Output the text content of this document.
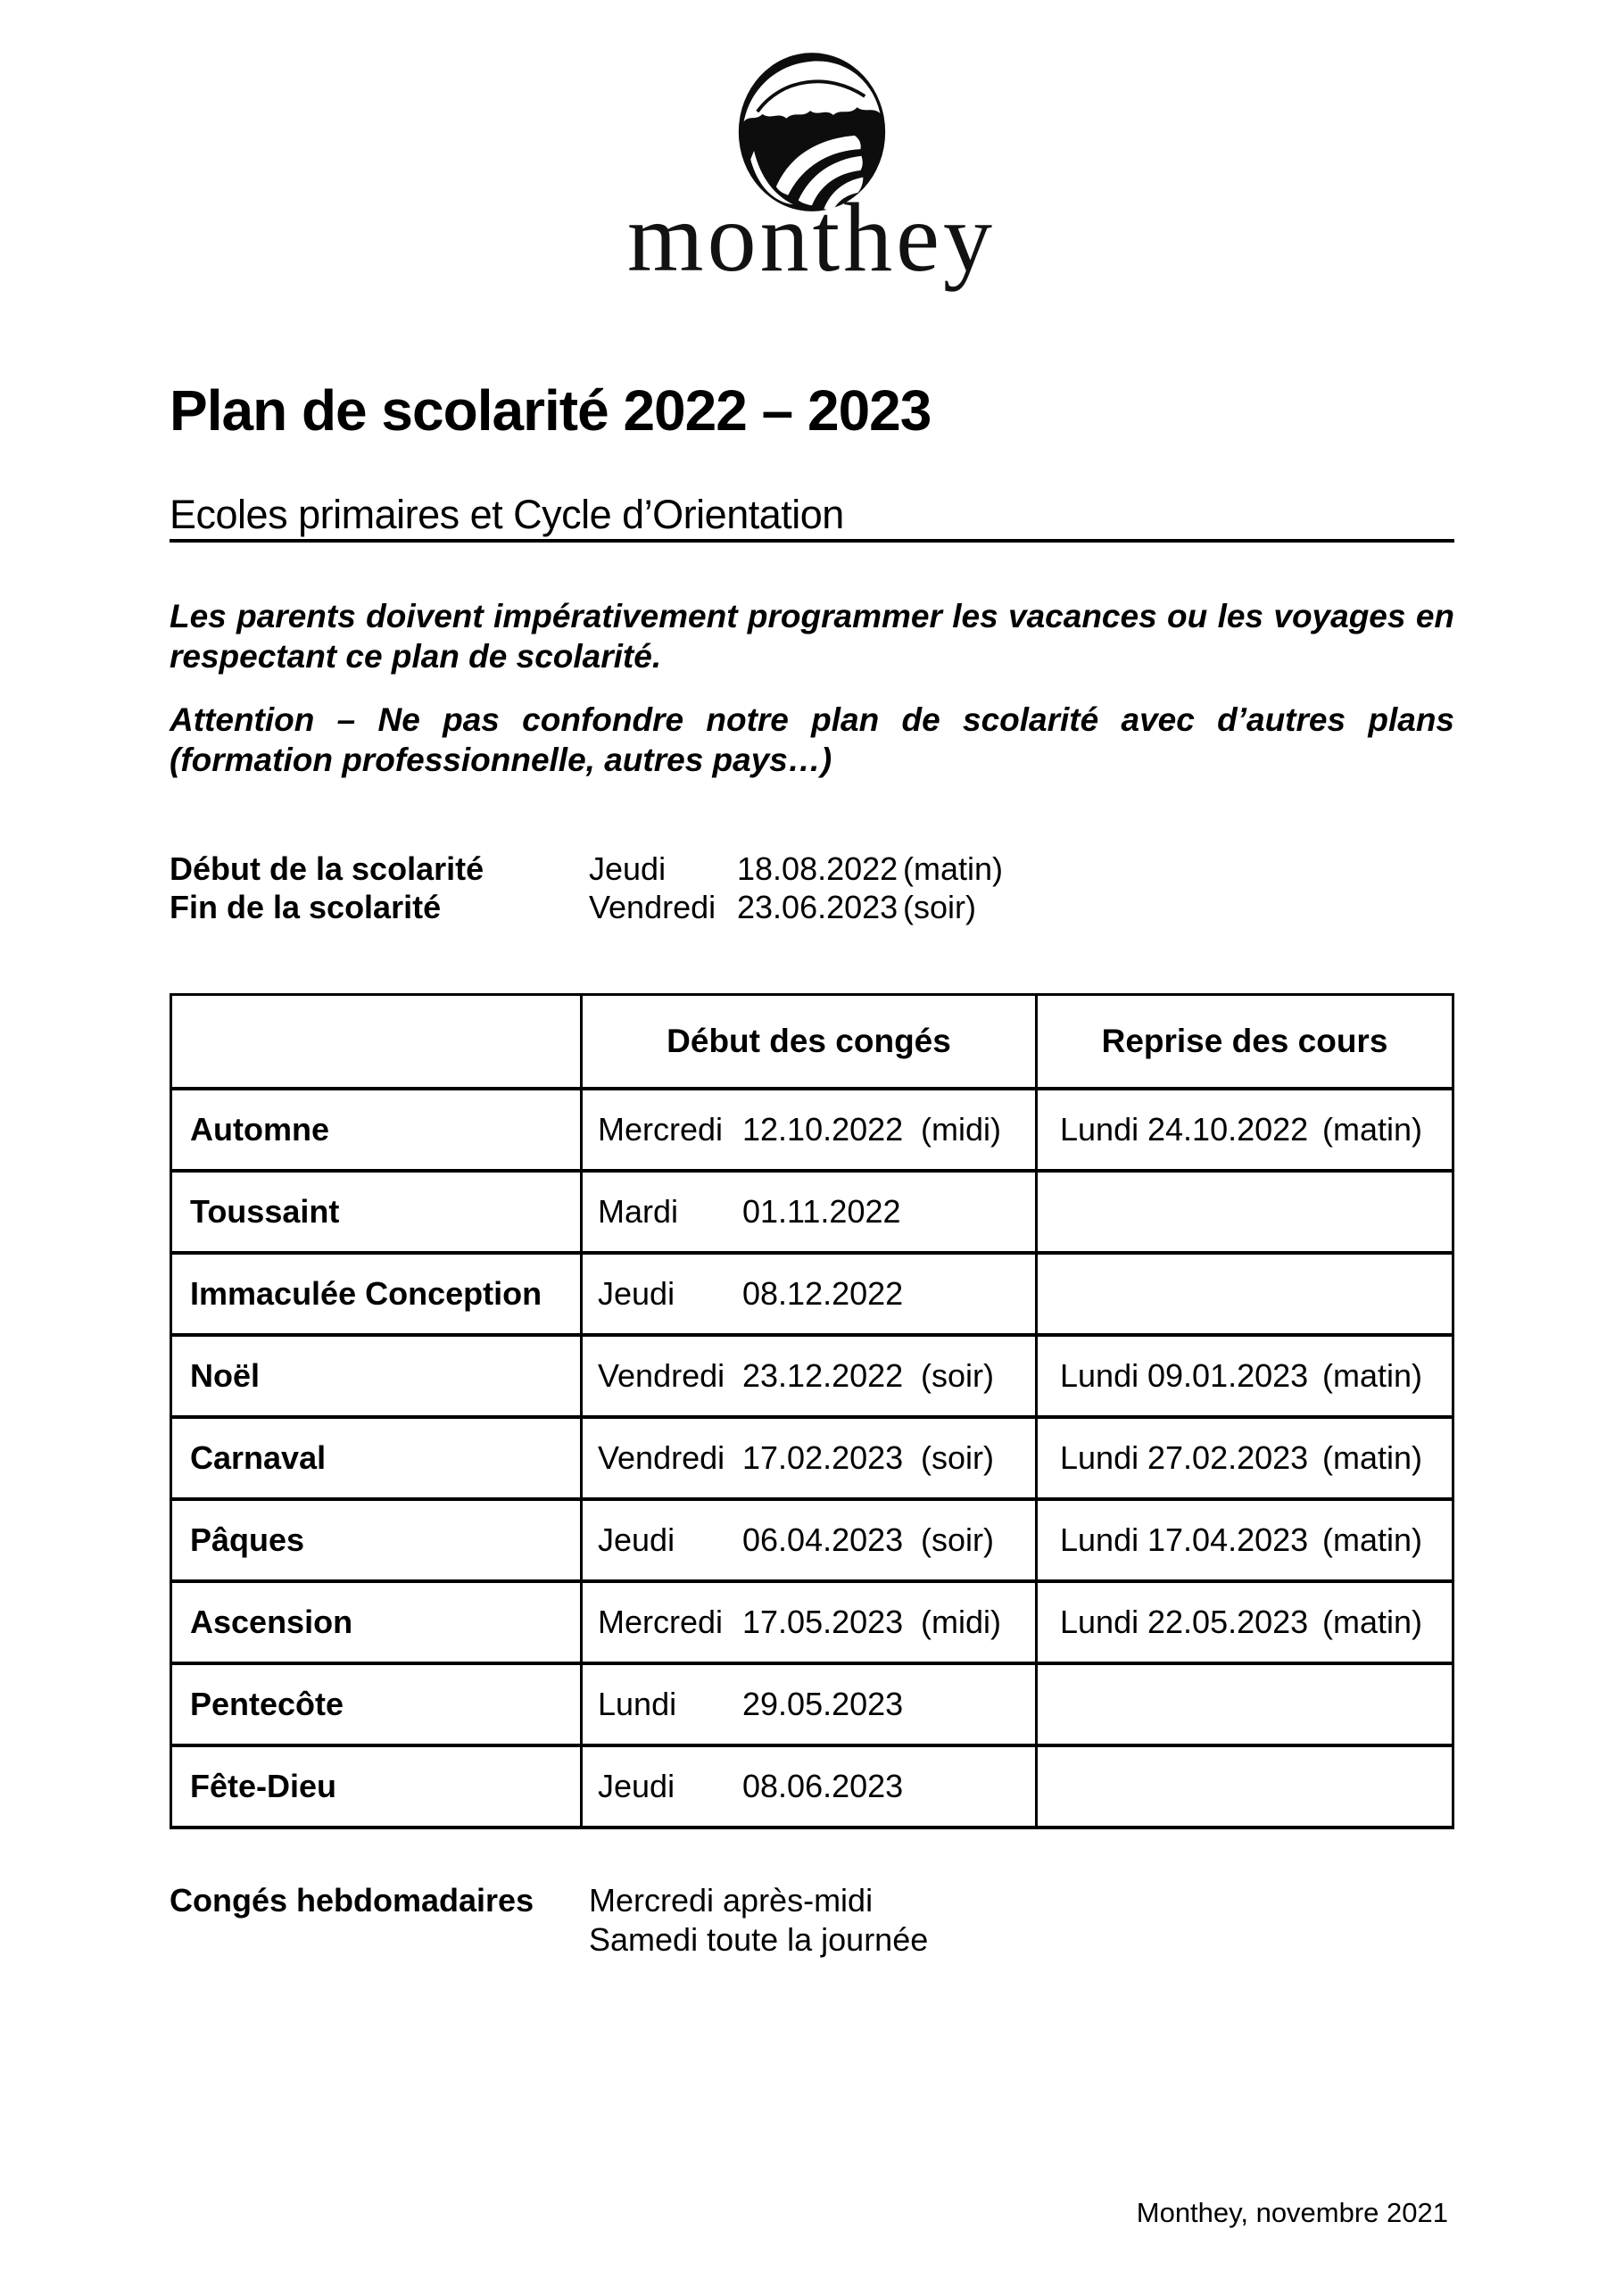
monthey
Plan de scolarité 2022 – 2023
Ecoles primaires et Cycle d’Orientation

Les parents doivent impérativement programmer les vacances ou les voyages en respectant ce plan de scolarité.

Attention – Ne pas confondre notre plan de scolarité avec d’autres plans (formation professionnelle, autres pays…)

Début de la scolarité	Jeudi	18.08.2022 (matin)
Fin de la scolarité	Vendredi 23.06.2023 (soir)
	Début des congés	Reprise des cours
Automne	Mercredi 12.10.2022 (midi)	Lundi 24.10.2022 (matin)

Toussaint	Mardi 01.11.2022	

Immaculée Conception	Jeudi 08.12.2022	

Noël	Vendredi 23.12.2022 (soir)	Lundi 09.01.2023 (matin)

Carnaval	Vendredi 17.02.2023 (soir)	Lundi 27.02.2023 (matin)

Pâques	Jeudi 06.04.2023 (soir)	Lundi 17.04.2023 (matin)

Ascension	Mercredi 17.05.2023 (midi)	Lundi 22.05.2023 (matin)

Pentecôte	Lundi 29.05.2023	

Fête-Dieu	Jeudi 08.06.2023	

Congés hebdomadaires	Mercredi après-midi
Samedi toute la journée
Monthey, novembre 2021
